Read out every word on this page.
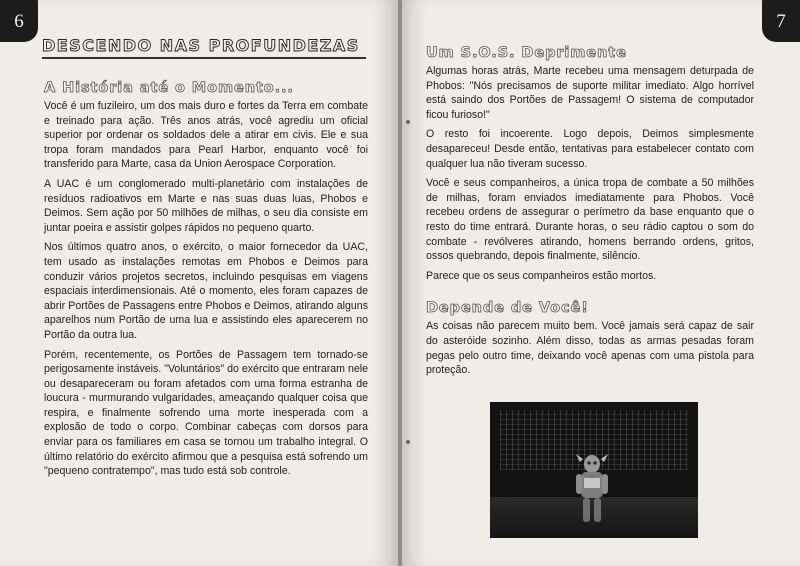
6
DESCENDO NAS PROFUNDEZAS
A História até o Momento...

Você é um fuzileiro, um dos mais duro e fortes da Terra em combate e treinado para ação. Três anos atrás, você agrediu um oficial superior por ordenar os soldados dele a atirar em civis. Ele e sua tropa foram mandados para Pearl Harbor, enquanto você foi transferido para Marte, casa da Union Aerospace Corporation.

A UAC é um conglomerado multi-planetário com instalações de resíduos radioativos em Marte e nas suas duas luas, Phobos e Deimos. Sem ação por 50 milhões de milhas, o seu dia consiste em juntar poeira e assistir golpes rápidos no pequeno quarto.

Nos últimos quatro anos, o exército, o maior fornecedor da UAC, tem usado as instalações remotas em Phobos e Deimos para conduzir vários projetos secretos, incluindo pesquisas em viagens espaciais interdimensionais. Até o momento, eles foram capazes de abrir Portões de Passagens entre Phobos e Deimos, atirando alguns aparelhos num Portão de uma lua e assistindo eles aparecerem no Portão da outra lua.

Porém, recentemente, os Portões de Passagem tem tornado-se perigosamente instáveis. "Voluntários" do exército que entraram nele ou desapareceram ou foram afetados com uma forma estranha de loucura - murmurando vulgaridades, ameaçando qualquer coisa que respira, e finalmente sofrendo uma morte inesperada com a explosão de todo o corpo. Combinar cabeças com dorsos para enviar para os familiares em casa se tornou um trabalho integral. O último relatório do exército afirmou que a pesquisa está sofrendo um "pequeno contratempo", mas tudo está sob controle.

7
Um S.O.S. Deprimente

Algumas horas atrás, Marte recebeu uma mensagem deturpada de Phobos: "Nós precisamos de suporte militar imediato. Algo horrível está saindo dos Portões de Passagem! O sistema de computador ficou furioso!"

O resto foi incoerente. Logo depois, Deimos simplesmente desapareceu! Desde então, tentativas para estabelecer contato com qualquer lua não tiveram sucesso.

Você e seus companheiros, a única tropa de combate a 50 milhões de milhas, foram enviados imediatamente para Phobos. Você recebeu ordens de assegurar o perímetro da base enquanto que o resto do time entrará. Durante horas, o seu rádio captou o som do combate - revólveres atirando, homens berrando ordens, gritos, ossos quebrando, depois finalmente, silêncio.

Parece que os seus companheiros estão mortos.

Depende de Você!

As coisas não parecem muito bem. Você jamais será capaz de sair do asteróide sozinho. Além disso, todas as armas pesadas foram pegas pelo outro time, deixando você apenas com uma pistola para proteção.
